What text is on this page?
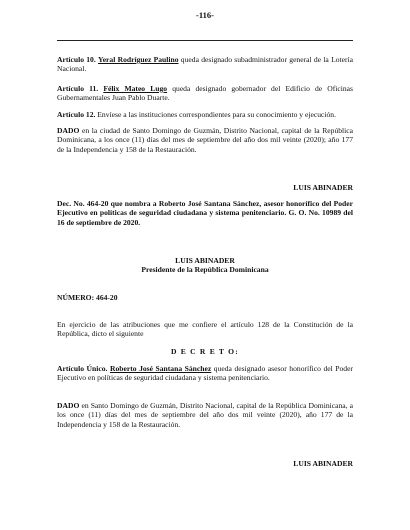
-116-

Artículo 10. Yeral Rodríguez Paulino queda designado subadministrador general de la Lotería Nacional.

Artículo 11. Félix Mateo Lugo queda designado gobernador del Edificio de Oficinas Gubernamentales Juan Pablo Duarte.

Artículo 12. Envíese a las instituciones correspondientes para su conocimiento y ejecución.

DADO en la ciudad de Santo Domingo de Guzmán, Distrito Nacional, capital de la República Dominicana, a los once (11) días del mes de septiembre del año dos mil veinte (2020); año 177 de la Independencia y 158 de la Restauración.

LUIS ABINADER

Dec. No. 464-20 que nombra a Roberto José Santana Sánchez, asesor honorífico del Poder Ejecutivo en políticas de seguridad ciudadana y sistema penitenciario. G. O. No. 10989 del 16 de septiembre de 2020.

LUIS ABINADER

Presidente de la República Dominicana

NÚMERO: 464-20

En ejercicio de las atribuciones que me confiere el artículo 128 de la Constitución de la República, dicto el siguiente

D E C R E T O:

Artículo Único. Roberto José Santana Sánchez queda designado asesor honorífico del Poder Ejecutivo en políticas de seguridad ciudadana y sistema penitenciario.

DADO en Santo Domingo de Guzmán, Distrito Nacional, capital de la República Dominicana, a los once (11) días del mes de septiembre del año dos mil veinte (2020), año 177 de la Independencia y 158 de la Restauración.

LUIS ABINADER
